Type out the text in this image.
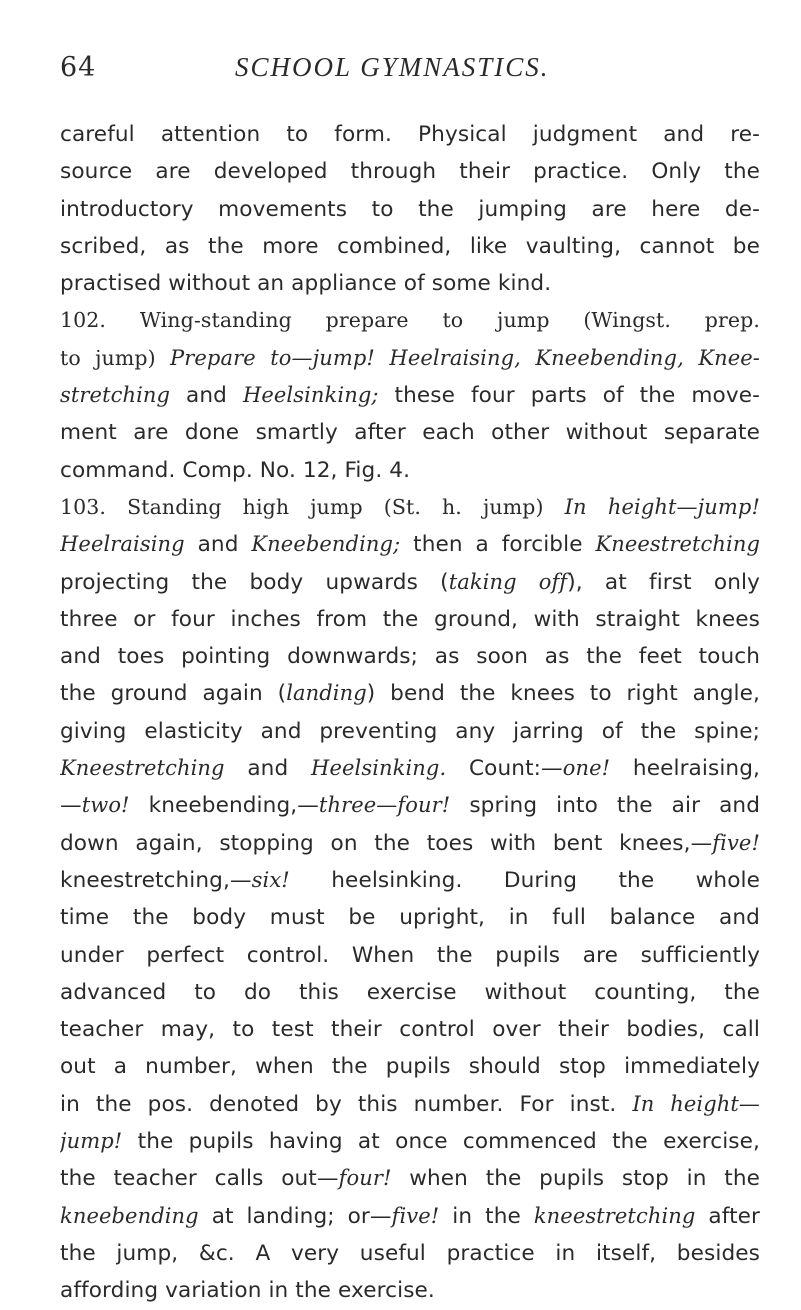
64	SCHOOL GYMNASTICS.
careful attention to form. Physical judgment and re-
source are developed through their practice. Only the
introductory movements to the jumping are here de-
scribed, as the more combined, like vaulting, cannot be
practised without an appliance of some kind.
102. Wing-standing prepare to jump (Wingst. prep.
to jump) Prepare to—jump! Heelraising, Kneebending, Knee-
stretching and Heelsinking; these four parts of the move-
ment are done smartly after each other without separate
command. Comp. No. 12, Fig. 4.
103. Standing high jump (St. h. jump) In height—jump!
Heelraising and Kneebending; then a forcible Kneestretching
projecting the body upwards (taking off), at first only
three or four inches from the ground, with straight knees
and toes pointing downwards; as soon as the feet touch
the ground again (landing) bend the knees to right angle,
giving elasticity and preventing any jarring of the spine;
Kneestretching and Heelsinking. Count:—one! heelraising,
—two! kneebending,—three—four! spring into the air and
down again, stopping on the toes with bent knees,—five!
kneestretching,—six! heelsinking. During the whole
time the body must be upright, in full balance and
under perfect control. When the pupils are sufficiently
advanced to do this exercise without counting, the
teacher may, to test their control over their bodies, call
out a number, when the pupils should stop immediately
in the pos. denoted by this number. For inst. In height—
jump! the pupils having at once commenced the exercise,
the teacher calls out—four! when the pupils stop in the
kneebending at landing; or—five! in the kneestretching after
the jump, &c. A very useful practice in itself, besides
affording variation in the exercise.
